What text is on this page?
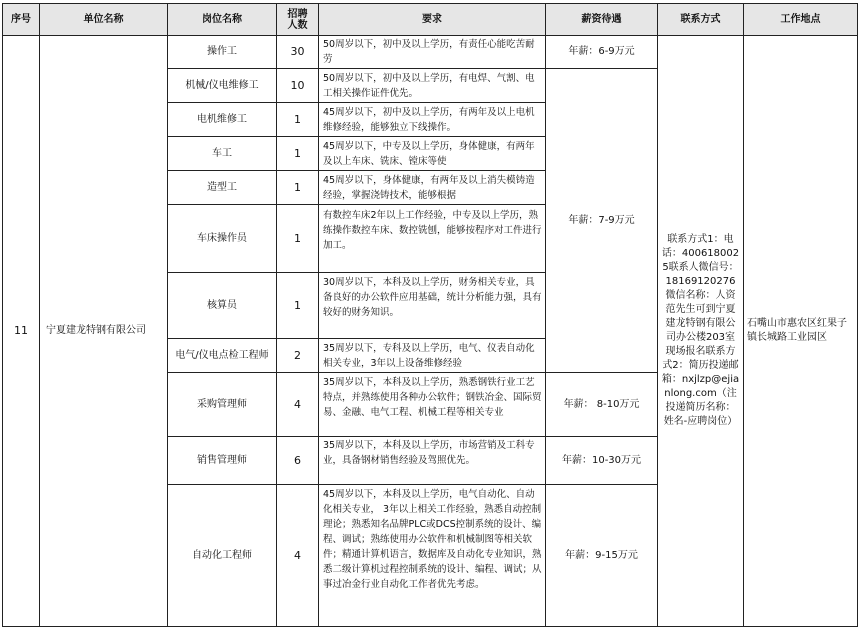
序号	单位名称	岗位名称	招聘人数	要求	薪资待遇	联系方式	工作地点
11	宁夏建龙特钢有限公司	操作工	30	50周岁以下，初中及以上学历，有责任心能吃苦耐劳	年薪：6-9万元	联系方式1：电话：4006180025联系人微信号：18169120276微信名称：人资范先生可到宁夏建龙特钢有限公司办公楼203室现场报名联系方式2：简历投递邮箱：nxjlzp@ejianlong.com（注投递简历名称：姓名-应聘岗位）	石嘴山市惠农区红果子镇长城路工业园区
		机械/仪电维修工	10	50周岁以下，初中及以上学历，有电焊、气割、电工相关操作证件优先。	年薪：7-9万元		
		电机维修工	1	45周岁以下，初中及以上学历，有两年及以上电机维修经验，能够独立下线操作。			

		车工	1	45周岁以下，中专及以上学历，身体健康，有两年及以上车床、铣床、镗床等使			

		造型工	1	45周岁以下，身体健康，有两年及以上消失模铸造经验，掌握浇铸技术，能够根据			

		车床操作员	1	有数控车床2年以上工作经验，中专及以上学历，熟练操作数控车床、数控铣刨，能够按程序对工件进行加工。			

		核算员	1	30周岁以下，本科及以上学历，财务相关专业，具备良好的办公软件应用基础，统计分析能力强，具有较好的财务知识。			

		电气/仪电点检工程师	2	35周岁以下，专科及以上学历，电气、仪表自动化相关专业，3年以上设备维修经验			

		采购管理师	4	35周岁以下，本科及以上学历，熟悉钢铁行业工艺特点，并熟练使用各种办公软件；钢铁冶金、国际贸易、金融、电气工程、机械工程等相关专业	年薪： 8-10万元		
		销售管理师	6	35周岁以下，本科及以上学历，市场营销及工科专业，具备钢材销售经验及驾照优先。	年薪：10-30万元		
		自动化工程师	4	45周岁以下，本科及以上学历，电气自动化、自动化相关专业， 3年以上相关工作经验，熟悉自动控制理论；熟悉知名品牌PLC或DCS控制系统的设计、编程、调试；熟练使用办公软件和机械制图等相关软件；精通计算机语言，数据库及自动化专业知识，熟悉二级计算机过程控制系统的设计、编程、调试；从事过冶金行业自动化工作者优先考虑。	年薪：9-15万元		
